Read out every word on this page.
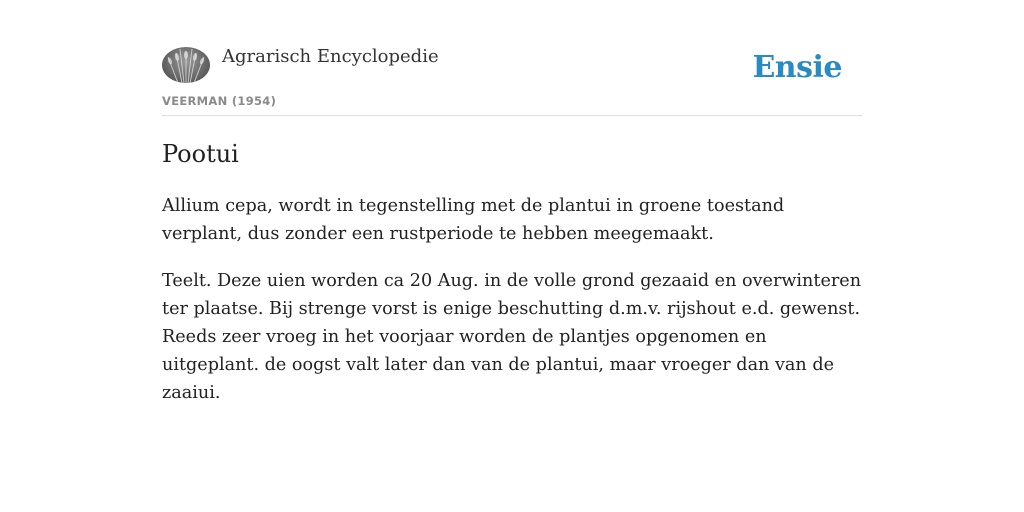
Agrarisch Encyclopedie
VEERMAN (1954)
Ensie
Pootui

Allium cepa, wordt in tegenstelling met de plantui in groene toestand verplant, dus zonder een rustperiode te hebben meegemaakt.

Teelt. Deze uien worden ca 20 Aug. in de volle grond gezaaid en overwinteren ter plaatse. Bij strenge vorst is enige beschutting d.m.v. rijshout e.d. gewenst. Reeds zeer vroeg in het voorjaar worden de plantjes opgenomen en uitgeplant. de oogst valt later dan van de plantui, maar vroeger dan van de zaaiui.
